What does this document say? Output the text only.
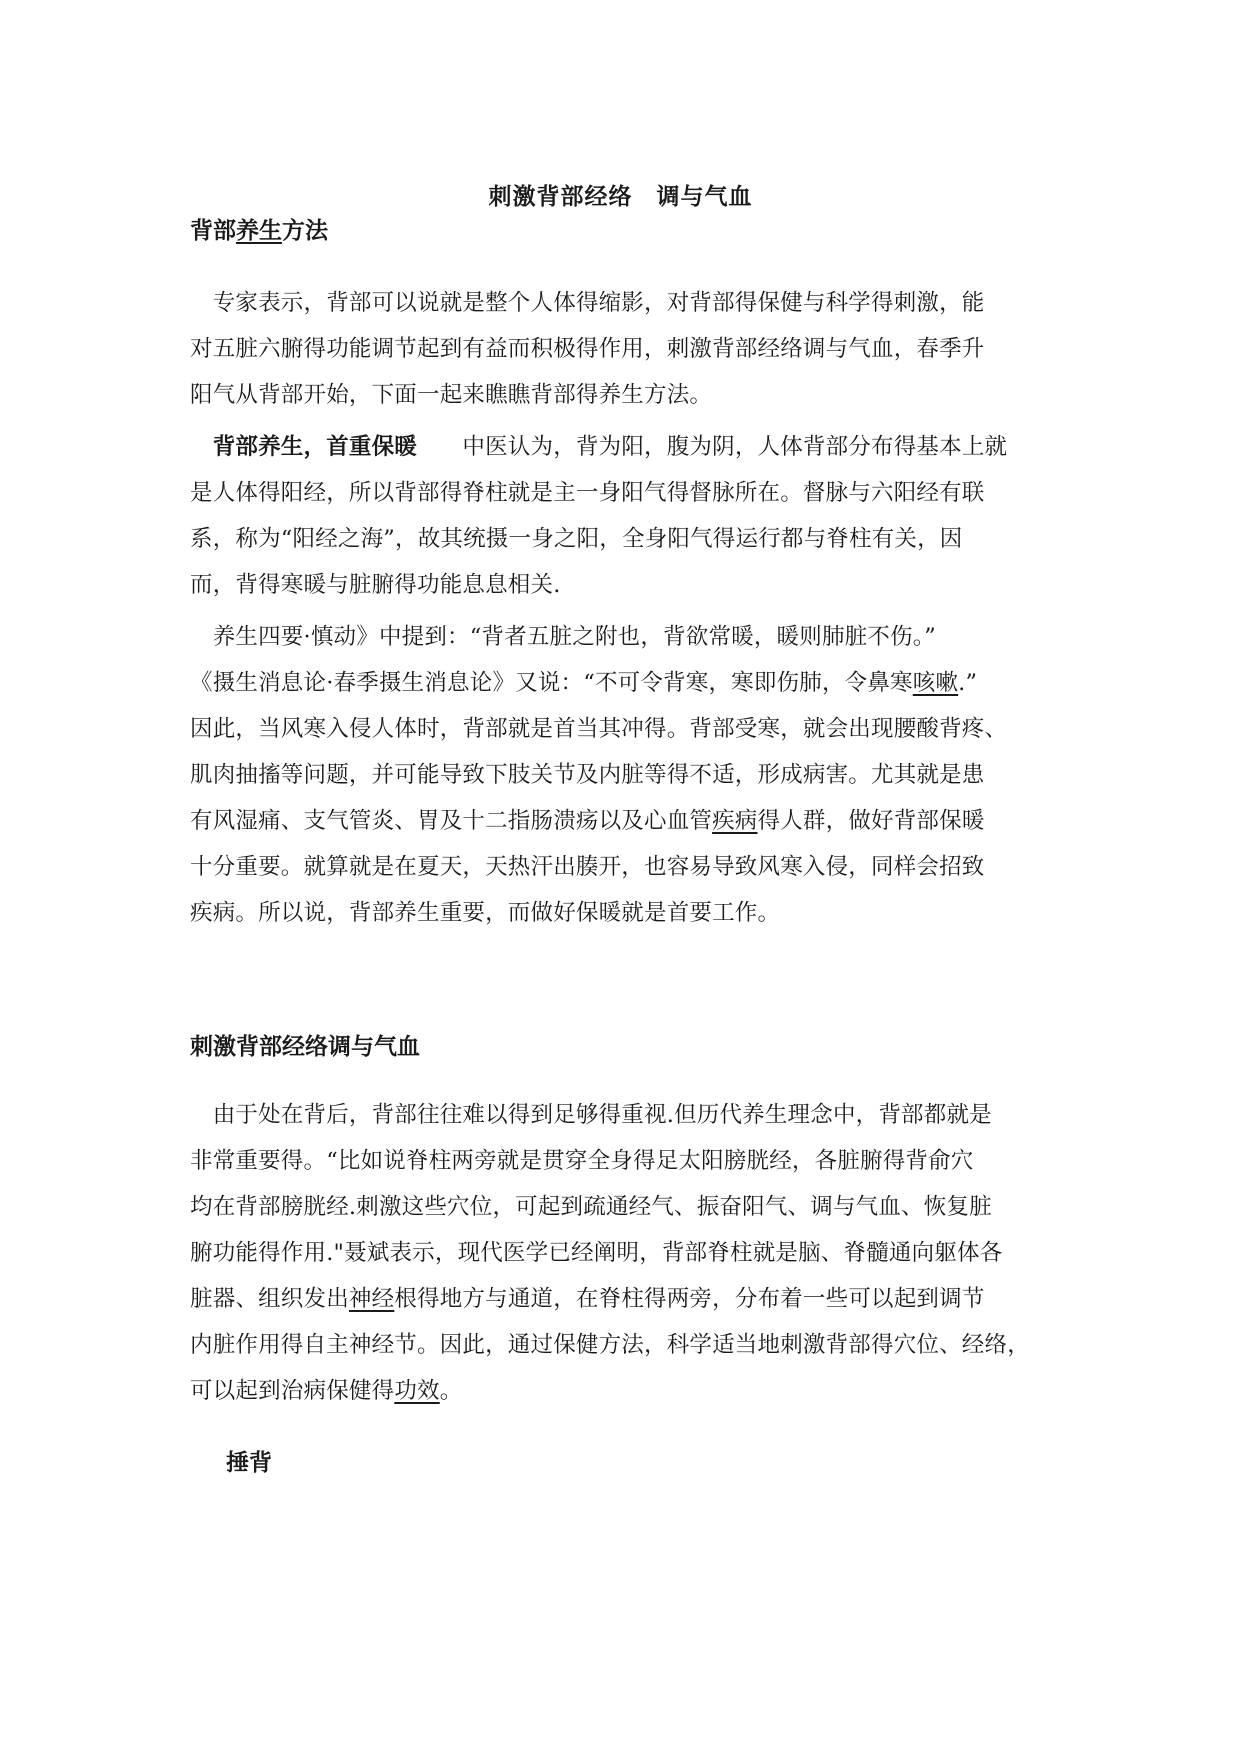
刺激背部经络　调与气血
背部养生方法
　专家表示，背部可以说就是整个人体得缩影，对背部得保健与科学得刺激，能
对五脏六腑得功能调节起到有益而积极得作用，刺激背部经络调与气血，春季升
阳气从背部开始，下面一起来瞧瞧背部得养生方法。
　背部养生，首重保暖　　中医认为，背为阳，腹为阴，人体背部分布得基本上就
是人体得阳经，所以背部得脊柱就是主一身阳气得督脉所在。督脉与六阳经有联
系，称为“阳经之海”，故其统摄一身之阳，全身阳气得运行都与脊柱有关，因
而，背得寒暖与脏腑得功能息息相关.
　养生四要·慎动》中提到：“背者五脏之附也，背欲常暖，暖则肺脏不伤。”
《摄生消息论·春季摄生消息论》又说：“不可令背寒，寒即伤肺，令鼻寒咳嗽.”
因此，当风寒入侵人体时，背部就是首当其冲得。背部受寒，就会出现腰酸背疼、
肌肉抽搐等问题，并可能导致下肢关节及内脏等得不适，形成病害。尤其就是患
有风湿痛、支气管炎、胃及十二指肠溃疡以及心血管疾病得人群，做好背部保暖
十分重要。就算就是在夏天，天热汗出腠开，也容易导致风寒入侵，同样会招致
疾病。所以说，背部养生重要，而做好保暖就是首要工作。
刺激背部经络调与气血
　由于处在背后，背部往往难以得到足够得重视.但历代养生理念中，背部都就是
非常重要得。“比如说脊柱两旁就是贯穿全身得足太阳膀胱经，各脏腑得背俞穴
均在背部膀胱经.刺激这些穴位，可起到疏通经气、振奋阳气、调与气血、恢复脏
腑功能得作用."聂斌表示，现代医学已经阐明，背部脊柱就是脑、脊髓通向躯体各
脏器、组织发出神经根得地方与通道，在脊柱得两旁，分布着一些可以起到调节
内脏作用得自主神经节。因此，通过保健方法，科学适当地刺激背部得穴位、经络，
可以起到治病保健得功效。
捶背
